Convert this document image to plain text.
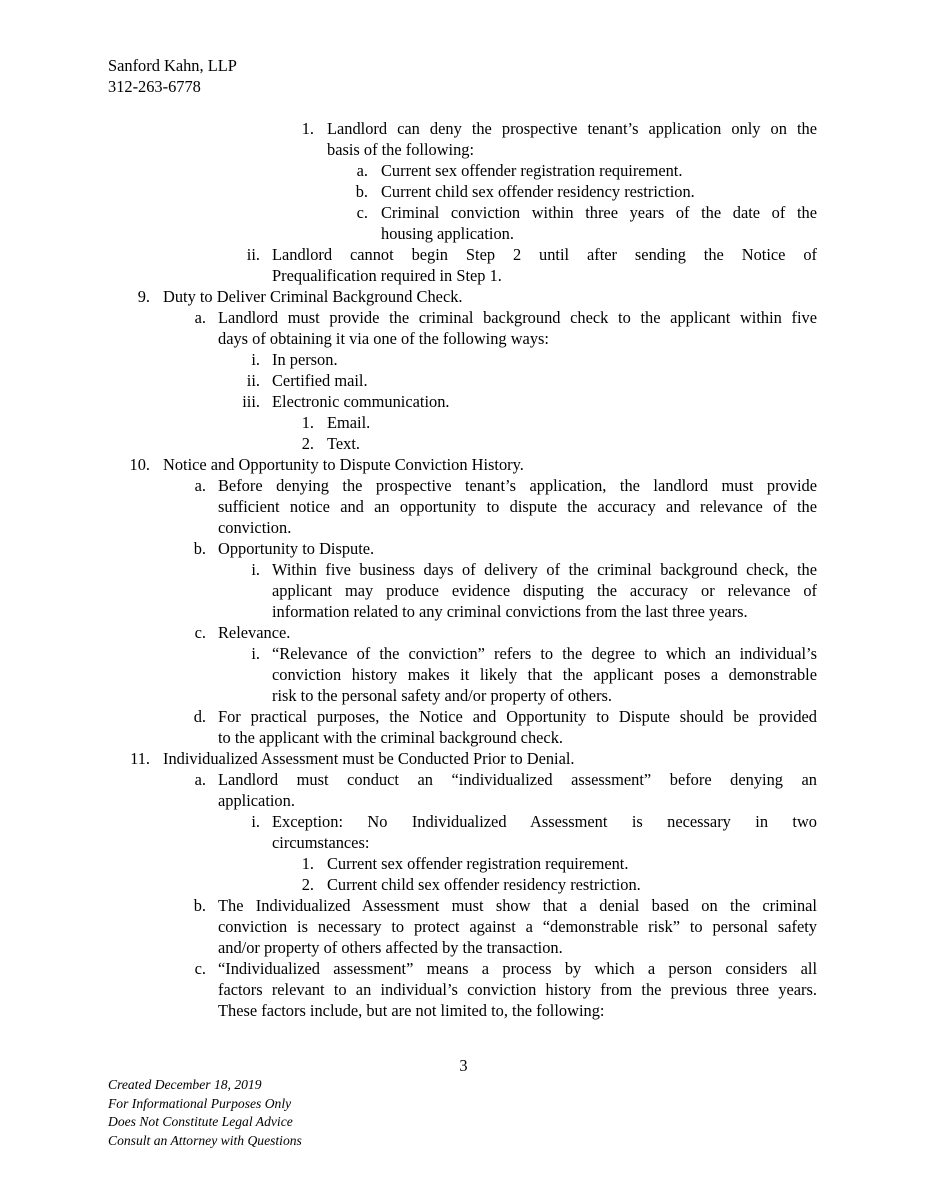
Sanford Kahn, LLP
312-263-6778
1. Landlord can deny the prospective tenant’s application only on the
basis of the following:
a. Current sex offender registration requirement.
b. Current child sex offender residency restriction.
c. Criminal conviction within three years of the date of the
housing application.
ii. Landlord cannot begin Step 2 until after sending the Notice of
Prequalification required in Step 1.
9. Duty to Deliver Criminal Background Check.
a. Landlord must provide the criminal background check to the applicant within five
days of obtaining it via one of the following ways:
i. In person.
ii. Certified mail.
iii. Electronic communication.
1. Email.
2. Text.
10. Notice and Opportunity to Dispute Conviction History.
a. Before denying the prospective tenant’s application, the landlord must provide
sufficient notice and an opportunity to dispute the accuracy and relevance of the
conviction.
b. Opportunity to Dispute.
i. Within five business days of delivery of the criminal background check, the
applicant may produce evidence disputing the accuracy or relevance of
information related to any criminal convictions from the last three years.
c. Relevance.
i. “Relevance of the conviction” refers to the degree to which an individual’s
conviction history makes it likely that the applicant poses a demonstrable
risk to the personal safety and/or property of others.
d. For practical purposes, the Notice and Opportunity to Dispute should be provided
to the applicant with the criminal background check.
11. Individualized Assessment must be Conducted Prior to Denial.
a. Landlord must conduct an “individualized assessment” before denying an
application.
i. Exception: No Individualized Assessment is necessary in two
circumstances:
1. Current sex offender registration requirement.
2. Current child sex offender residency restriction.
b. The Individualized Assessment must show that a denial based on the criminal
conviction is necessary to protect against a “demonstrable risk” to personal safety
and/or property of others affected by the transaction.
c. “Individualized assessment” means a process by which a person considers all
factors relevant to an individual’s conviction history from the previous three years.
These factors include, but are not limited to, the following:
3
Created December 18, 2019
For Informational Purposes Only
Does Not Constitute Legal Advice
Consult an Attorney with Questions
